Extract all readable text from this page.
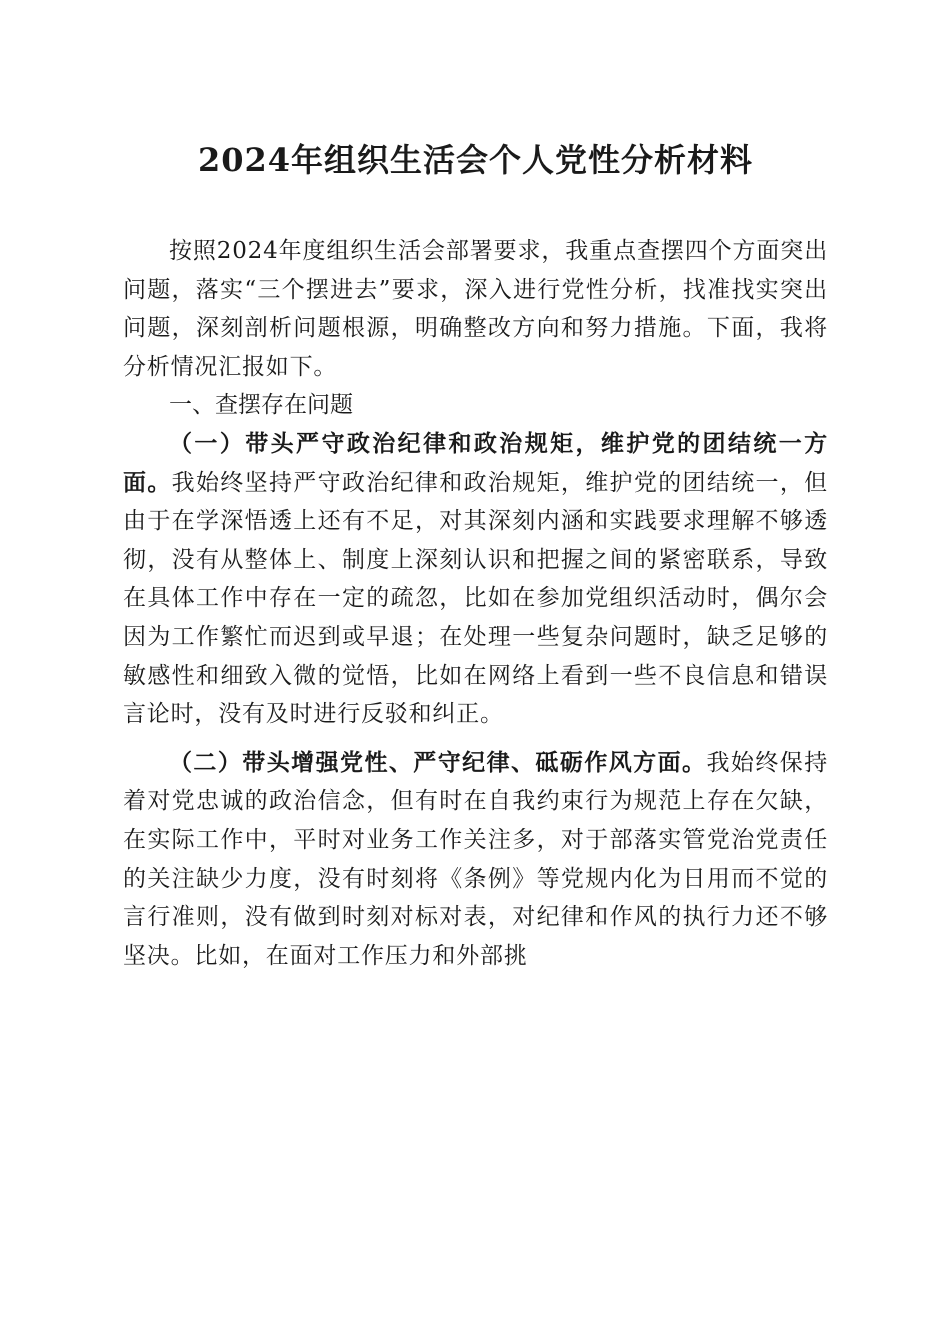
2024年组织生活会个人党性分析材料

按照2024年度组织生活会部署要求，我重点查摆四个方面突出问题，落实“三个摆进去”要求，深入进行党性分析，找准找实突出问题，深刻剖析问题根源，明确整改方向和努力措施。下面，我将分析情况汇报如下。

一、查摆存在问题

（一）带头严守政治纪律和政治规矩，维护党的团结统一方面。我始终坚持严守政治纪律和政治规矩，维护党的团结统一，但由于在学深悟透上还有不足，对其深刻内涵和实践要求理解不够透彻，没有从整体上、制度上深刻认识和把握之间的紧密联系，导致在具体工作中存在一定的疏忽，比如在参加党组织活动时，偶尔会因为工作繁忙而迟到或早退；在处理一些复杂问题时，缺乏足够的敏感性和细致入微的觉悟，比如在网络上看到一些不良信息和错误言论时，没有及时进行反驳和纠正。

（二）带头增强党性、严守纪律、砥砺作风方面。我始终保持着对党忠诚的政治信念，但有时在自我约束行为规范上存在欠缺，在实际工作中，平时对业务工作关注多，对于部落实管党治党责任的关注缺少力度，没有时刻将《条例》等党规内化为日用而不觉的言行准则，没有做到时刻对标对表，对纪律和作风的执行力还不够坚决。比如，在面对工作压力和外部挑
